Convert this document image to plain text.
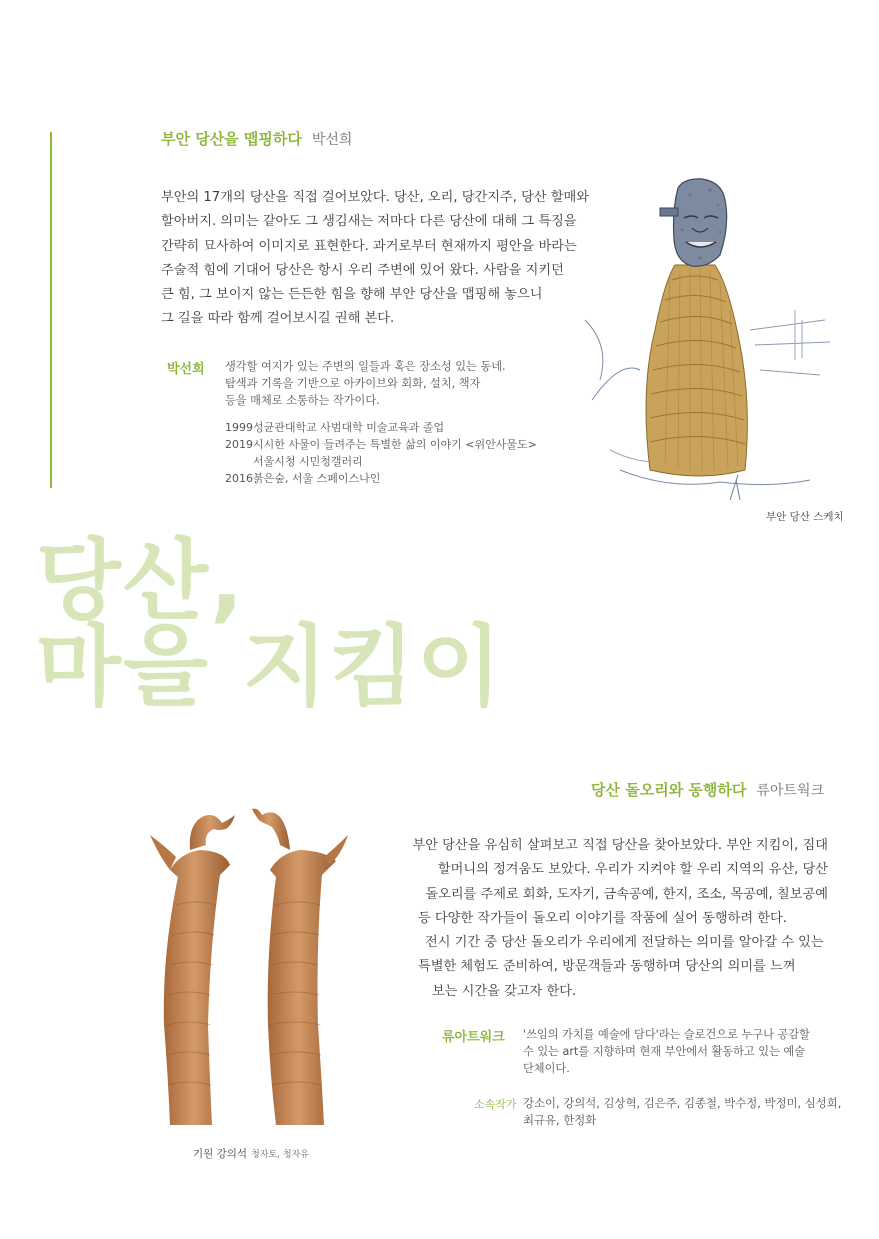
부안 당산을 맵핑하다 박선희
부안의 17개의 당산을 직접 걸어보았다. 당산, 오리, 당간지주, 당산 할매와
할아버지. 의미는 같아도 그 생김새는 저마다 다른 당산에 대해 그 특징을
간략히 묘사하여 이미지로 표현한다. 과거로부터 현재까지 평안을 바라는
주술적 힘에 기대어 당산은 항시 우리 주변에 있어 왔다. 사람을 지키던
큰 힘, 그 보이지 않는 든든한 힘을 향해 부안 당산을 맵핑해 놓으니
그 길을 따라 함께 걸어보시길 권해 본다.
박선희 생각할 여지가 있는 주변의 일들과 혹은 장소성 있는 동네.
탐색과 기록을 기반으로 아카이브와 회화, 설치, 책자
등을 매체로 소통하는 작가이다.
1999 성균관대학교 사범대학 미술교육과 졸업
2019 시시한 사물이 들려주는 특별한 삶의 이야기 <위안사물도>
서울시청 시민청갤러리
2016 붉은숲, 서울 스페이스나인
부안 당산 스케치
당산,
마을 지킴이
당산 돌오리와 동행하다 류아트웍크
부안 당산을 유심히 살펴보고 직접 당산을 찾아보았다. 부안 지킴이, 짐대
할머니의 정겨움도 보았다. 우리가 지켜야 할 우리 지역의 유산, 당산
돌오리를 주제로 회화, 도자기, 금속공예, 한지, 조소, 목공예, 칠보공예
등 다양한 작가들이 돌오리 이야기를 작품에 실어 동행하려 한다.
전시 기간 중 당산 돌오리가 우리에게 전달하는 의미를 알아갈 수 있는
특별한 체험도 준비하여, 방문객들과 동행하며 당산의 의미를 느껴
보는 시간을 갖고자 한다.
류아트워크 '쓰임의 가치를 예술에 담다'라는 슬로건으로 누구나 공감할
수 있는 art를 지향하며 현재 부안에서 활동하고 있는 예술
단체이다.
소속작가 강소이, 강의석, 김상혁, 김은주, 김종철, 박수정, 박정미, 심성희,
최규유, 한정화
기원 강의석 청자토, 청자유
